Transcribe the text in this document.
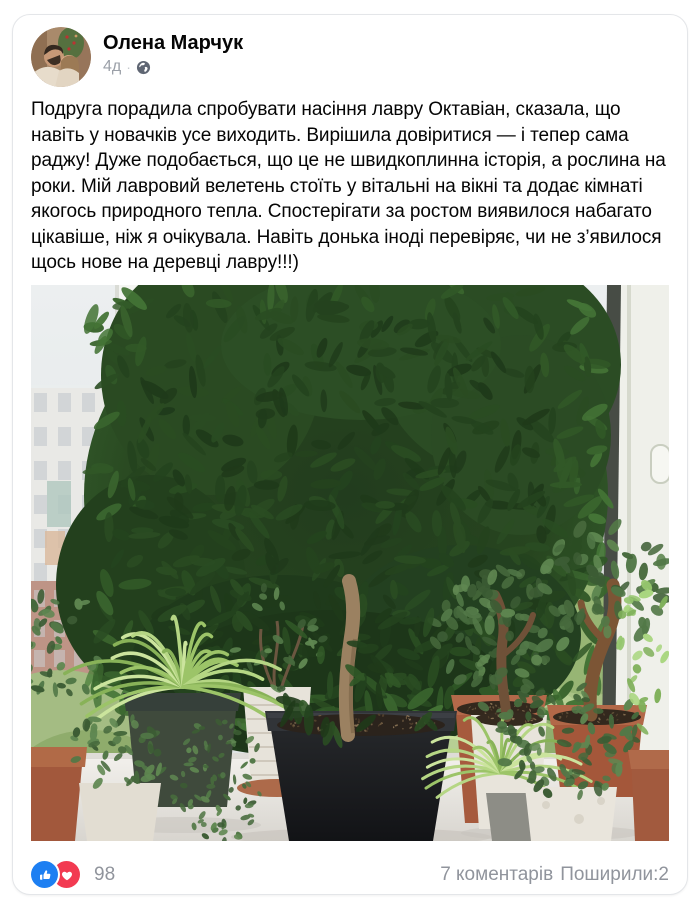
Олена Марчук
4д ·
Подруга порадила спробувати насіння лавру Октавіан, сказала, що навіть у новачків усе виходить. Вирішила довіритися — і тепер сама раджу! Дуже подобається, що це не швидкоплинна історія, а рослина на роки. Мій лавровий велетень стоїть у вітальні на вікні та додає кімнаті якогось природного тепла. Спостерігати за ростом виявилося набагато цікавіше, ніж я очікувала. Навіть донька іноді перевіряє, чи не з’явилося щось нове на деревці лавру!!!)
98	7 коментарів Поширили:2
